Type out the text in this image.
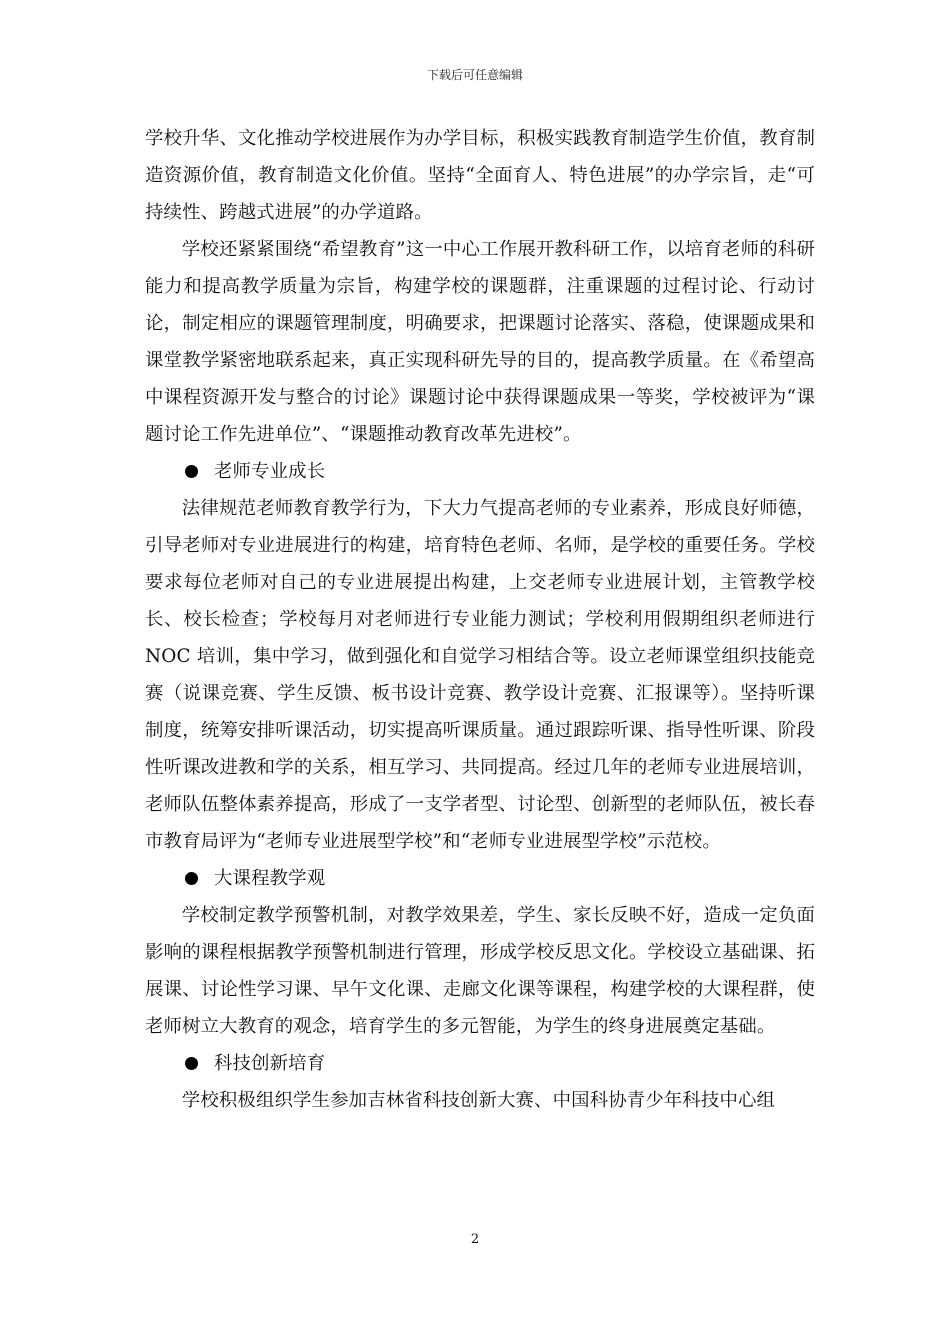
下载后可任意编辑

学校升华、文化推动学校进展作为办学目标，积极实践教育制造学生价值，教育制造资源价值，教育制造文化价值。坚持“全面育人、特色进展”的办学宗旨，走“可持续性、跨越式进展”的办学道路。

学校还紧紧围绕“希望教育”这一中心工作展开教科研工作，以培育老师的科研能力和提高教学质量为宗旨，构建学校的课题群，注重课题的过程讨论、行动讨论，制定相应的课题管理制度，明确要求，把课题讨论落实、落稳，使课题成果和课堂教学紧密地联系起来，真正实现科研先导的目的，提高教学质量。在《希望高中课程资源开发与整合的讨论》课题讨论中获得课题成果一等奖，学校被评为“课题讨论工作先进单位”、“课题推动教育改革先进校”。

老师专业成长

法律规范老师教育教学行为，下大力气提高老师的专业素养，形成良好师德，引导老师对专业进展进行的构建，培育特色老师、名师，是学校的重要任务。学校要求每位老师对自己的专业进展提出构建，上交老师专业进展计划，主管教学校长、校长检查；学校每月对老师进行专业能力测试；学校利用假期组织老师进行 NOC 培训，集中学习，做到强化和自觉学习相结合等。设立老师课堂组织技能竞赛（说课竞赛、学生反馈、板书设计竞赛、教学设计竞赛、汇报课等）。坚持听课制度，统筹安排听课活动，切实提高听课质量。通过跟踪听课、指导性听课、阶段性听课改进教和学的关系，相互学习、共同提高。经过几年的老师专业进展培训，老师队伍整体素养提高，形成了一支学者型、讨论型、创新型的老师队伍，被长春市教育局评为“老师专业进展型学校”和“老师专业进展型学校”示范校。

大课程教学观

学校制定教学预警机制，对教学效果差，学生、家长反映不好，造成一定负面影响的课程根据教学预警机制进行管理，形成学校反思文化。学校设立基础课、拓展课、讨论性学习课、早午文化课、走廊文化课等课程，构建学校的大课程群，使老师树立大教育的观念，培育学生的多元智能，为学生的终身进展奠定基础。

科技创新培育

学校积极组织学生参加吉林省科技创新大赛、中国科协青少年科技中心组

2
